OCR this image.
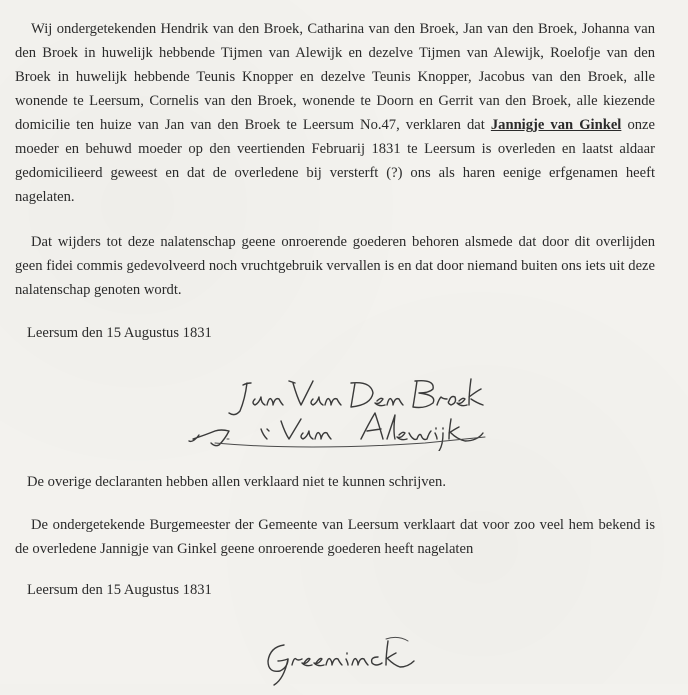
Wij ondergetekenden Hendrik van den Broek, Catharina van den Broek, Jan van den Broek, Johanna van den Broek in huwelijk hebbende Tijmen van Alewijk en dezelve Tijmen van Alewijk, Roelofje van den Broek in huwelijk hebbende Teunis Knopper en dezelve Teunis Knopper, Jacobus van den Broek, alle wonende te Leersum, Cornelis van den Broek, wonende te Doorn en Gerrit van den Broek, alle kiezende domicilie ten huize van Jan van den Broek te Leersum No.47, verklaren dat Jannigje van Ginkel onze moeder en behuwd moeder op den veertienden Februarij 1831 te Leersum is overleden en laatst aldaar gedomicilieerd geweest en dat de overledene bij versterft (?) ons als haren eenige erfgenamen heeft nagelaten.

Dat wijders tot deze nalatenschap geene onroerende goederen behoren alsmede dat door dit overlijden geen fidei commis gedevolveerd noch vruchtgebruik vervallen is en dat door niemand buiten ons iets uit deze nalatenschap genoten wordt.

Leersum den 15 Augustus 1831
De overige declaranten hebben allen verklaard niet te kunnen schrijven.

De ondergetekende Burgemeester der Gemeente van Leersum verklaart dat voor zoo veel hem bekend is de overledene Jannigje van Ginkel geene onroerende goederen heeft nagelaten

Leersum den 15 Augustus 1831
